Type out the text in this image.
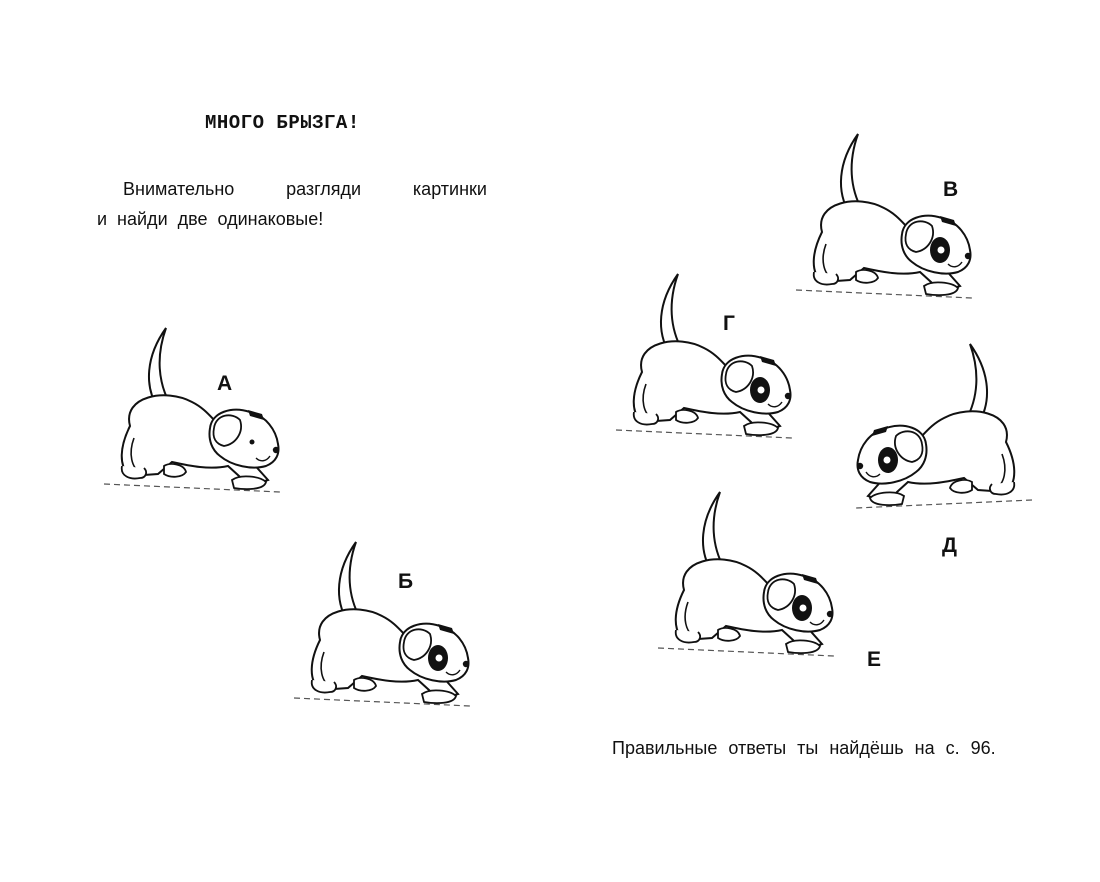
МНОГО БРЫЗГА!
Внимательно	разгляди	картинки
и найди две одинаковые!
А
Б
В
Г
Д
Е
Правильные ответы ты найдёшь на с. 96.
